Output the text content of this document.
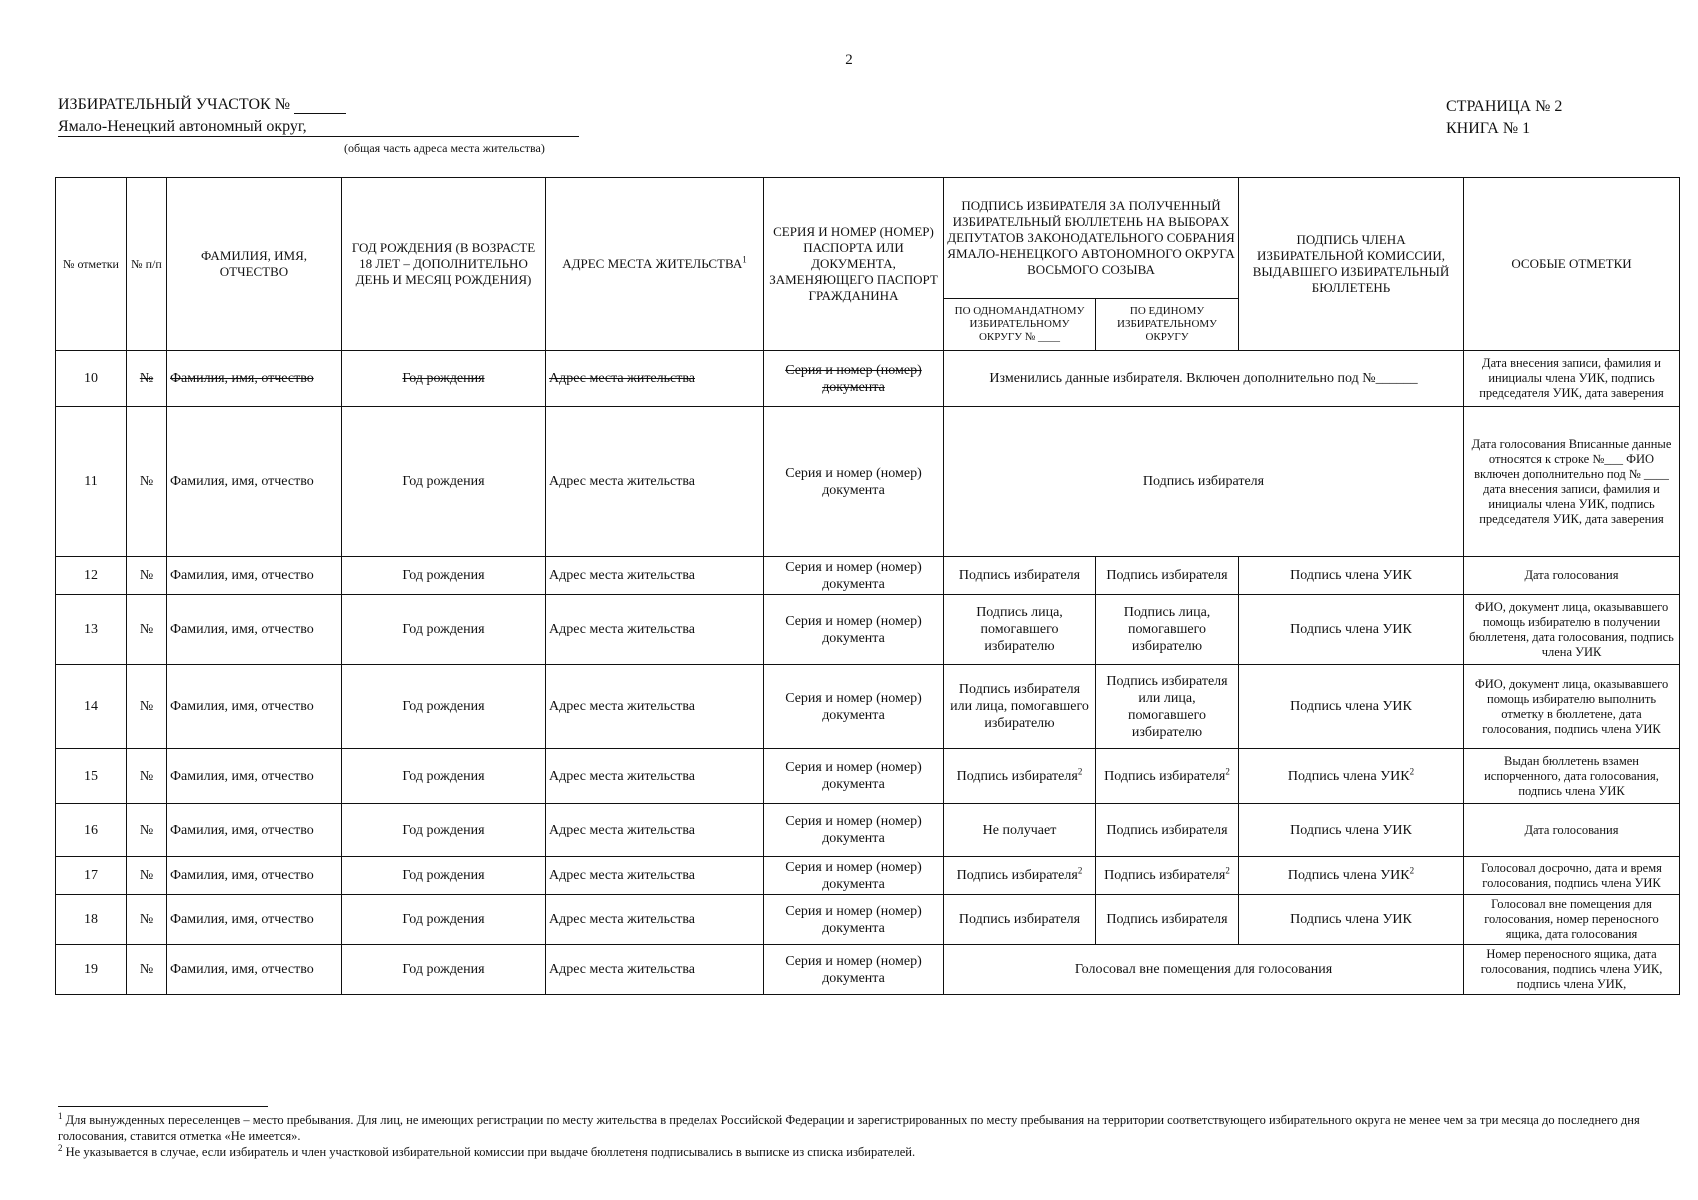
2
ИЗБИРАТЕЛЬНЫЙ УЧАСТОК №
Ямало-Ненецкий автономный округ,
(общая часть адреса места жительства)
СТРАНИЦА № 2
КНИГА № 1
№ отметки	№ п/п	ФАМИЛИЯ, ИМЯ, ОТЧЕСТВО	ГОД РОЖДЕНИЯ (В ВОЗРАСТЕ 18 ЛЕТ – ДОПОЛНИТЕЛЬНО ДЕНЬ И МЕСЯЦ РОЖДЕНИЯ)	АДРЕС МЕСТА ЖИТЕЛЬСТВА$^1$	СЕРИЯ И НОМЕР (НОМЕР) ПАСПОРТА ИЛИ ДОКУМЕНТА, ЗАМЕНЯЮЩЕГО ПАСПОРТ ГРАЖДАНИНА	ПОДПИСЬ ИЗБИРАТЕЛЯ ЗА ПОЛУЧЕННЫЙ ИЗБИРАТЕЛЬНЫЙ БЮЛЛЕТЕНЬ НА ВЫБОРАХ ДЕПУТАТОВ ЗАКОНОДАТЕЛЬНОГО СОБРАНИЯ ЯМАЛО-НЕНЕЦКОГО АВТОНОМНОГО ОКРУГА ВОСЬМОГО СОЗЫВА		ПОДПИСЬ ЧЛЕНА ИЗБИРАТЕЛЬНОЙ КОМИССИИ, ВЫДАВШЕГО ИЗБИРАТЕЛЬНЫЙ БЮЛЛЕТЕНЬ	ОСОБЫЕ ОТМЕТКИ
						ПО ОДНОМАНДАТНОМУ ИЗБИРАТЕЛЬНОМУ ОКРУГУ № ____	ПО ЕДИНОМУ ИЗБИРАТЕЛЬНОМУ ОКРУГУ		
10	№	Фамилия, имя, отчество	Год рождения	Адрес места жительства	Серия и номер (номер) документа	Изменились данные избирателя. Включен дополнительно под №______			Дата внесения записи, фамилия и инициалы члена УИК, подпись председателя УИК, дата заверения
11	№	Фамилия, имя, отчество	Год рождения	Адрес места жительства	Серия и номер (номер) документа	Подпись избирателя			Дата голосования Вписанные данные относятся к строке №___ ФИО включен дополнительно под № ____ дата внесения записи, фамилия и инициалы члена УИК, подпись председателя УИК, дата заверения
12	№	Фамилия, имя, отчество	Год рождения	Адрес места жительства	Серия и номер (номер) документа	Подпись избирателя	Подпись избирателя	Подпись члена УИК	Дата голосования
13	№	Фамилия, имя, отчество	Год рождения	Адрес места жительства	Серия и номер (номер) документа	Подпись лица, помогавшего избирателю	Подпись лица, помогавшего избирателю	Подпись члена УИК	ФИО, документ лица, оказывавшего помощь избирателю в получении бюллетеня, дата голосования, подпись члена УИК
14	№	Фамилия, имя, отчество	Год рождения	Адрес места жительства	Серия и номер (номер) документа	Подпись избирателя или лица, помогавшего избирателю	Подпись избирателя или лица, помогавшего избирателю	Подпись члена УИК	ФИО, документ лица, оказывавшего помощь избирателю выполнить отметку в бюллетене, дата голосования, подпись члена УИК
15	№	Фамилия, имя, отчество	Год рождения	Адрес места жительства	Серия и номер (номер) документа	Подпись избирателя$^2$	Подпись избирателя$^2$	Подпись члена УИК$^2$	Выдан бюллетень взамен испорченного, дата голосования, подпись члена УИК
16	№	Фамилия, имя, отчество	Год рождения	Адрес места жительства	Серия и номер (номер) документа	Не получает	Подпись избирателя	Подпись члена УИК	Дата голосования
17	№	Фамилия, имя, отчество	Год рождения	Адрес места жительства	Серия и номер (номер) документа	Подпись избирателя$^2$	Подпись избирателя$^2$	Подпись члена УИК$^2$	Голосовал досрочно, дата и время голосования, подпись члена УИК
18	№	Фамилия, имя, отчество	Год рождения	Адрес места жительства	Серия и номер (номер) документа	Подпись избирателя	Подпись избирателя	Подпись члена УИК	Голосовал вне помещения для голосования, номер переносного ящика, дата голосования
19	№	Фамилия, имя, отчество	Год рождения	Адрес места жительства	Серия и номер (номер) документа	Голосовал вне помещения для голосования			Номер переносного ящика, дата голосования, подпись члена УИК, подпись члена УИК,
$^1$ Для вынужденных переселенцев – место пребывания. Для лиц, не имеющих регистрации по месту жительства в пределах Российской Федерации и зарегистрированных по месту пребывания на территории соответствующего избирательного округа не менее чем за три месяца до последнего дня голосования, ставится отметка «Не имеется».
$^2$ Не указывается в случае, если избиратель и член участковой избирательной комиссии при выдаче бюллетеня подписывались в выписке из списка избирателей.
